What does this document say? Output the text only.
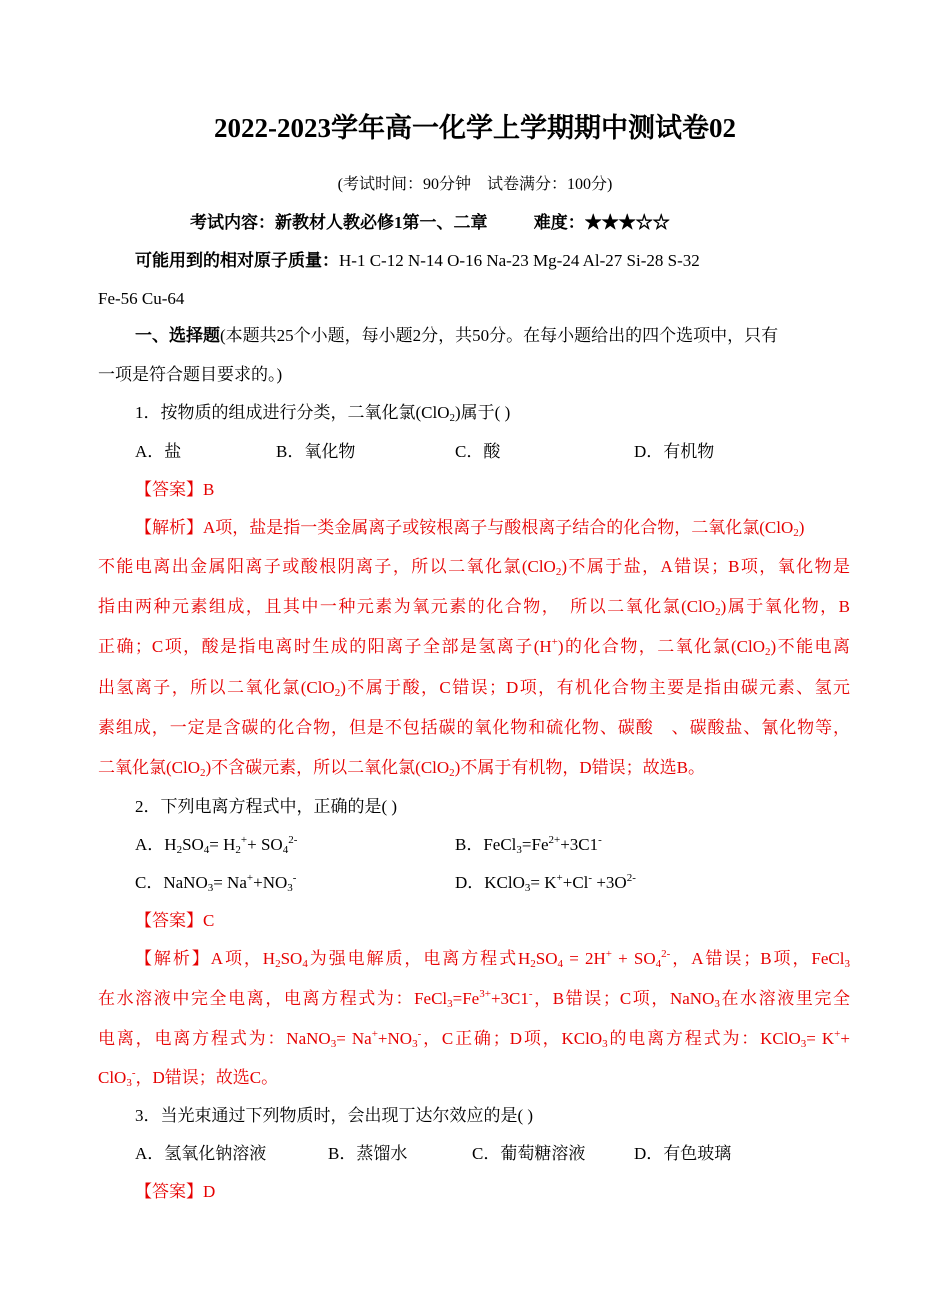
2022-2023学年高一化学上学期期中测试卷02
(考试时间：90分钟　试卷满分：100分)
考试内容：新教材人教必修1第一、二章	难度：★★★☆☆
可能用到的相对原子质量：H-1 C-12 N-14 O-16 Na-23 Mg-24 Al-27 Si-28 S-32
Fe-56 Cu-64
一、选择题(本题共25个小题，每小题2分，共50分。在每小题给出的四个选项中，只有
一项是符合题目要求的。)
1．按物质的组成进行分类，二氧化氯(ClO$_2$)属于( )
A．盐	B．氧化物	C．酸	D．有机物
【答案】B
【解析】A项，盐是指一类金属离子或铵根离子与酸根离子结合的化合物，二氧化氯(ClO$_2$)
不能电离出金属阳离子或酸根阴离子，所以二氧化氯(ClO$_2$)不属于盐，A错误；B项，氧化物是
指由两种元素组成，且其中一种元素为氧元素的化合物，　所以二氧化氯(ClO$_2$)属于氧化物，B
正确；C项，酸是指电离时生成的阳离子全部是氢离子(H+)的化合物，二氧化氯(ClO$_2$)不能电离
出氢离子，所以二氧化氯(ClO$_2$)不属于酸，C错误；D项，有机化合物主要是指由碳元素、氢元
素组成，一定是含碳的化合物，但是不包括碳的氧化物和硫化物、碳酸　、碳酸盐、氰化物等，
二氧化氯(ClO$_2$)不含碳元素，所以二氧化氯(ClO$_2$)不属于有机物，D错误；故选B。
2．下列电离方程式中，正确的是( )
A．$H_2SO_4= H_2^++ SO_4^{2-}$	B．$FeCl_3=Fe^{2+}+3C1^-$
C．NaNO$_3$= $Na^++NO_3^-$	D．KClO$_3$= $K^++Cl^- +3O^{2-}$
【答案】C
【解析】A项，$H_2SO_4$为强电解质，电离方程式$H_2SO_4 = 2H^+ + SO_4^{2-}$，A错误；B项，FeCl$_3$
在水溶液中完全电离，电离方程式为：$FeCl_3=Fe^{3+}+3C1^-$，B错误；C项，NaNO$_3$在水溶液里完全
电离，电离方程式为：NaNO$_3$= $Na^++NO_3^-$，C正确；D项，KClO$_3$的电离方程式为：KClO$_3$= K++
ClO$_3$-，D错误；故选C。
3．当光束通过下列物质时，会出现丁达尔效应的是( )
A．氢氧化钠溶液	B．蒸馏水	C．葡萄糖溶液	D．有色玻璃
【答案】D
